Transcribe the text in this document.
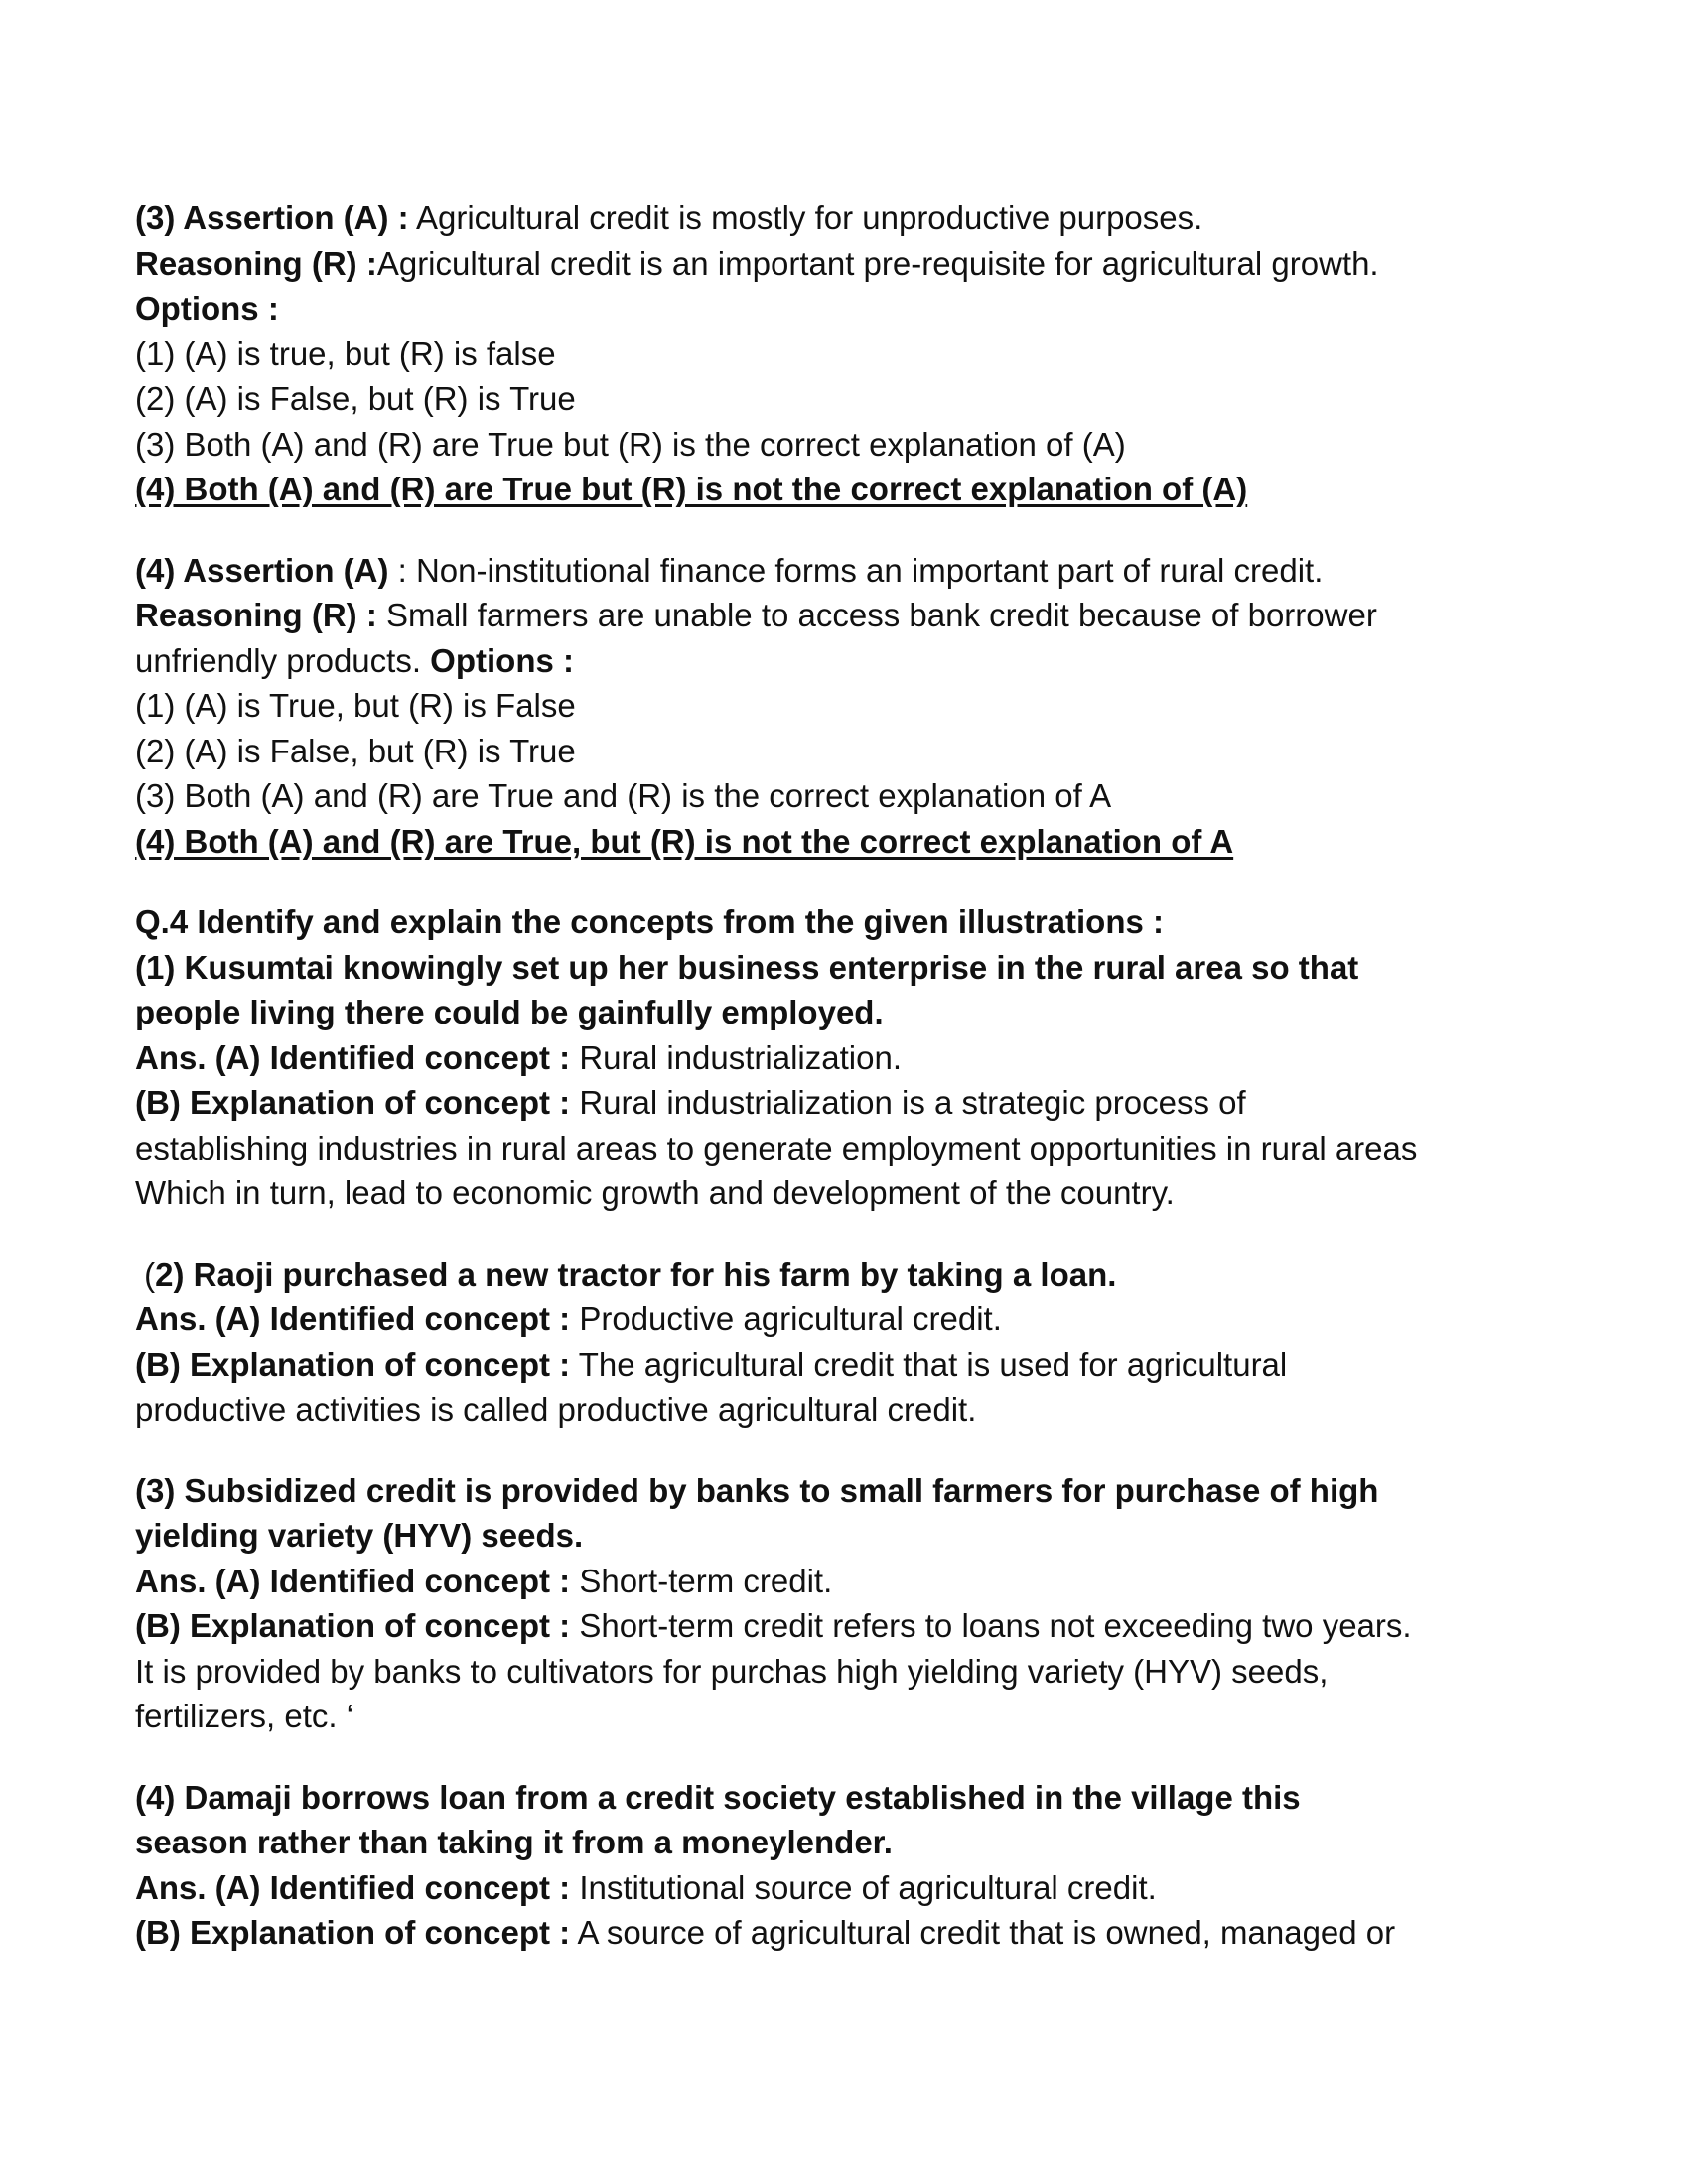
(3) Assertion (A) : Agricultural credit is mostly for unproductive purposes.
Reasoning (R) :Agricultural credit is an important pre-requisite for agricultural growth.
Options :
(1) (A) is true, but (R) is false
(2) (A) is False, but (R) is True
(3) Both (A) and (R) are True but (R) is the correct explanation of (A)
(4) Both (A) and (R) are True but (R) is not the correct explanation of (A)
(4) Assertion (A) : Non-institutional finance forms an important part of rural credit.
Reasoning (R) : Small farmers are unable to access bank credit because of borrower
unfriendly products. Options :
(1) (A) is True, but (R) is False
(2) (A) is False, but (R) is True
(3) Both (A) and (R) are True and (R) is the correct explanation of A
(4) Both (A) and (R) are True, but (R) is not the correct explanation of A
Q.4 Identify and explain the concepts from the given illustrations :
(1) Kusumtai knowingly set up her business enterprise in the rural area so that
people living there could be gainfully employed.
Ans. (A) Identified concept : Rural industrialization.
(B) Explanation of concept : Rural industrialization is a strategic process of
establishing industries in rural areas to generate employment opportunities in rural areas
Which in turn, lead to economic growth and development of the country.
(2) Raoji purchased a new tractor for his farm by taking a loan.
Ans. (A) Identified concept : Productive agricultural credit.
(B) Explanation of concept : The agricultural credit that is used for agricultural
productive activities is called productive agricultural credit.
(3) Subsidized credit is provided by banks to small farmers for purchase of high
yielding variety (HYV) seeds.
Ans. (A) Identified concept : Short-term credit.
(B) Explanation of concept : Short-term credit refers to loans not exceeding two years.
It is provided by banks to cultivators for purchas high yielding variety (HYV) seeds,
fertilizers, etc. ‘
(4) Damaji borrows loan from a credit society established in the village this
season rather than taking it from a moneylender.
Ans. (A) Identified concept : Institutional source of agricultural credit.
(B) Explanation of concept : A source of agricultural credit that is owned, managed or
